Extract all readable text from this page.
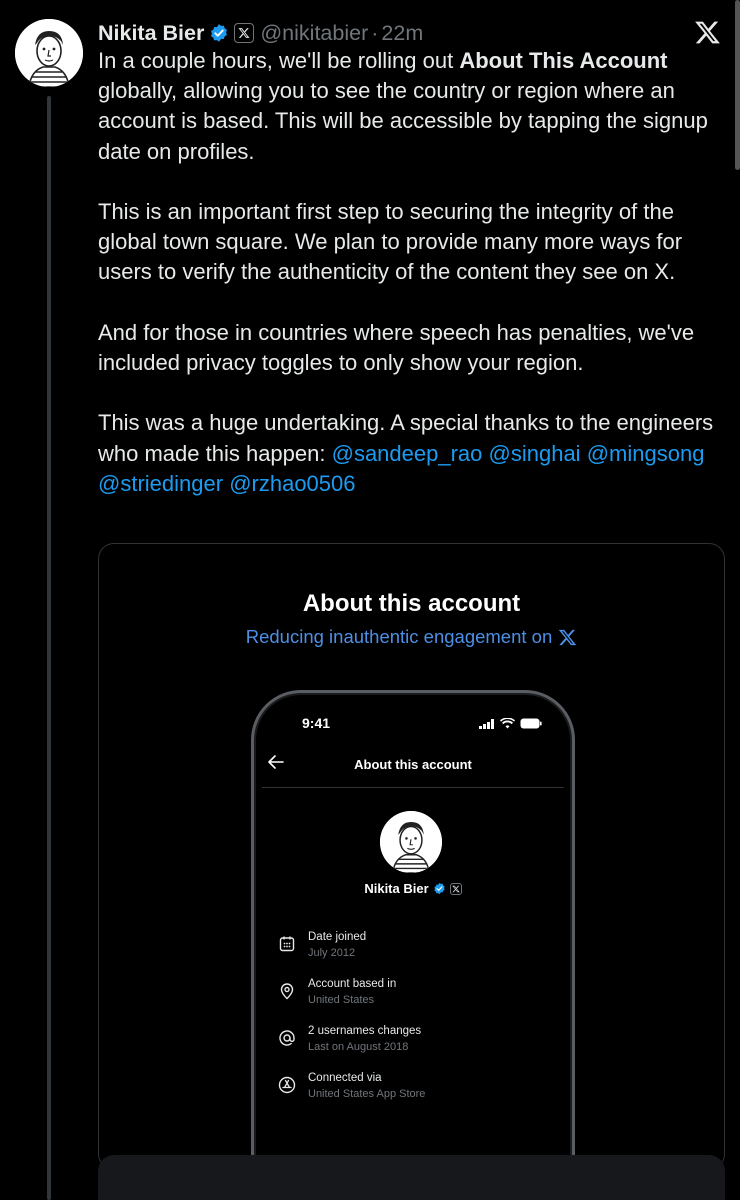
Nikita Bier	@nikitabier · 22m

In a couple hours, we'll be rolling out About This Account globally, allowing you to see the country or region where an account is based. This will be accessible by tapping the signup date on profiles.

This is an important first step to securing the integrity of the global town square. We plan to provide many more ways for users to verify the authenticity of the content they see on X.

And for those in countries where speech has penalties, we've included privacy toggles to only show your region.

This was a huge undertaking. A special thanks to the engineers who made this happen: @sandeep_rao @singhai @mingsong @striedinger @rzhao0506

About this account
Reducing inauthentic engagement on
9:41
About this account
Nikita Bier
Date joined
July 2012
Account based in
United States
2 usernames changes
Last on August 2018
Connected via
United States App Store
